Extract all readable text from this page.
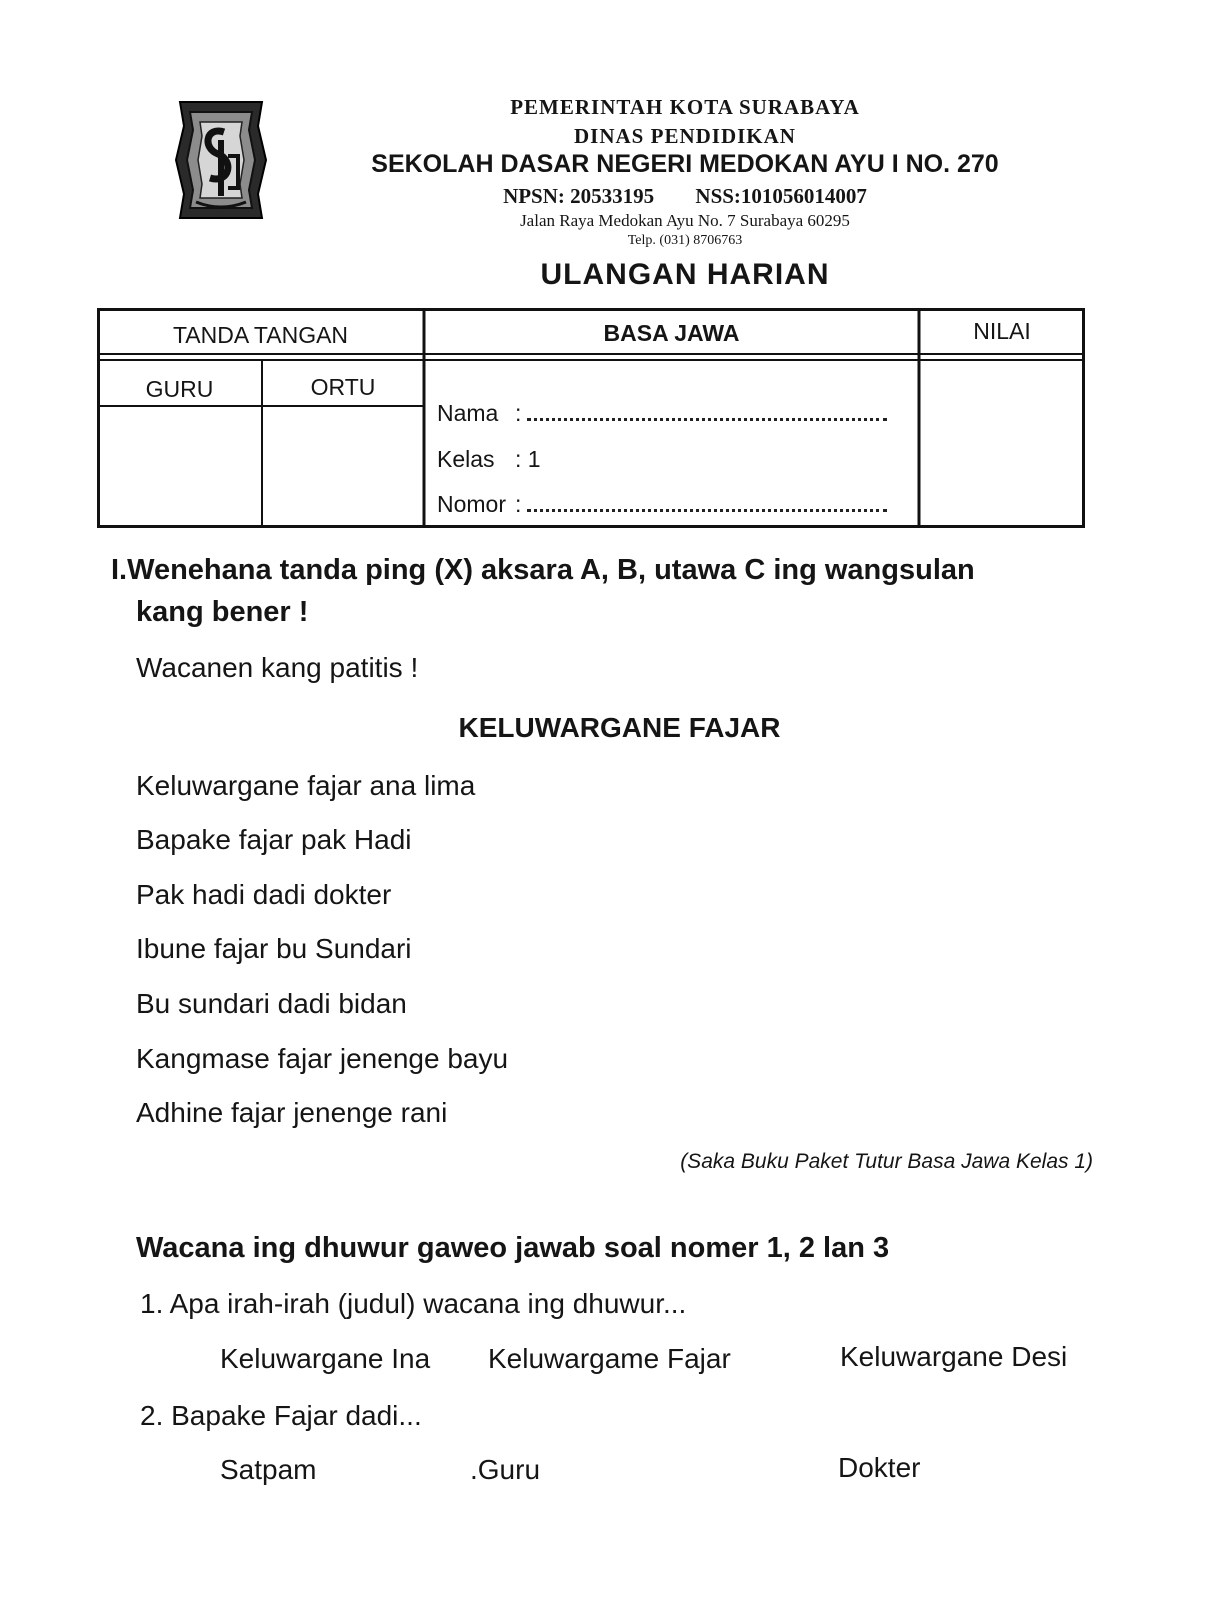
PEMERINTAH KOTA SURABAYA
DINAS PENDIDIKAN
SEKOLAH DASAR NEGERI MEDOKAN AYU I NO. 270
NPSN: 20533195 NSS:101056014007
Jalan Raya Medokan Ayu No. 7 Surabaya 60295
Telp. (031) 8706763
ULANGAN HARIAN
TANDA TANGAN	BASA JAWA	NILAI
GURU	ORTU
Nama :
Kelas : 1
Nomor :
I.Wenehana tanda ping (X) aksara A, B, utawa C ing wangsulan
kang bener !
Wacanen kang patitis !
KELUWARGANE FAJAR
Keluwargane fajar ana lima
Bapake fajar pak Hadi
Pak hadi dadi dokter
Ibune fajar bu Sundari
Bu sundari dadi bidan
Kangmase fajar jenenge bayu
Adhine fajar jenenge rani
(Saka Buku Paket Tutur Basa Jawa Kelas 1)
Wacana ing dhuwur gaweo jawab soal nomer 1, 2 lan 3
1. Apa irah-irah (judul) wacana ing dhuwur...
Keluwargane Ina Keluwargame Fajar	Keluwargane Desi
2. Bapake Fajar dadi...
Satpam	.Guru	Dokter
